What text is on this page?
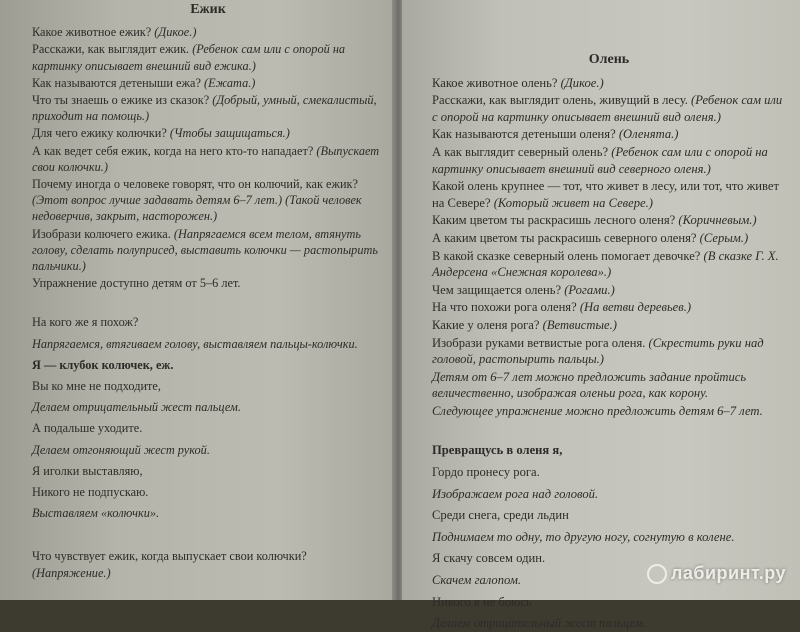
Ежик
Какое животное ежик? (Дикое.)
Расскажи, как выглядит ежик. (Ребенок сам или с опорой на картинку описывает внешний вид ежика.)
Как называются детеныши ежа? (Ежата.)
Что ты знаешь о ежике из сказок? (Добрый, умный, смекалистый, приходит на помощь.)
Для чего ежику колючки? (Чтобы защищаться.)
А как ведет себя ежик, когда на него кто-то нападает? (Выпускает свои колючки.)
Почему иногда о человеке говорят, что он колючий, как ежик? (Этот вопрос лучше задавать детям 6–7 лет.) (Такой человек недоверчив, закрыт, насторожен.)
Изобрази колючего ежика. (Напрягаемся всем телом, втянуть голову, сделать полуприсед, выставить колючки — растопырить пальчики.)
Упражнение доступно детям от 5–6 лет.
На кого же я похож?
Напрягаемся, втягиваем голову, выставляем пальцы-колючки.
Я — клубок колючек, еж.
Вы ко мне не подходите,
Делаем отрицательный жест пальцем.
А подальше уходите.
Делаем отгоняющий жест рукой.
Я иголки выставляю,
Никого не подпускаю.
Выставляем «колючки».
Что чувствует ежик, когда выпускает свои колючки? (Напряжение.)
Олень
Какое животное олень? (Дикое.)
Расскажи, как выглядит олень, живущий в лесу. (Ребенок сам или с опорой на картинку описывает внешний вид оленя.)
Как называются детеныши оленя? (Оленята.)
А как выглядит северный олень? (Ребенок сам или с опорой на картинку описывает внешний вид северного оленя.)
Какой олень крупнее — тот, что живет в лесу, или тот, что живет на Севере? (Который живет на Севере.)
Каким цветом ты раскрасишь лесного оленя? (Коричневым.)
А каким цветом ты раскрасишь северного оленя? (Серым.)
В какой сказке северный олень помогает девочке? (В сказке Г. Х. Андерсена «Снежная королева».)
Чем защищается олень? (Рогами.)
На что похожи рога оленя? (На ветви деревьев.)
Какие у оленя рога? (Ветвистые.)
Изобрази руками ветвистые рога оленя. (Скрестить руки над головой, растопырить пальцы.)
Детям от 6–7 лет можно предложить задание пройтись величественно, изображая оленьи рога, как корону.
Следующее упражнение можно предложить детям 6–7 лет.
Превращусь в оленя я,
Гордо пронесу рога.
Изображаем рога над головой.
Среди снега, среди льдин
Поднимаем то одну, то другую ногу, согнутую в колене.
Я скачу совсем один.
Скачем галопом.
Никого я не боюсь
Делаем отрицательный жест пальцем.
лабиринт.ру
